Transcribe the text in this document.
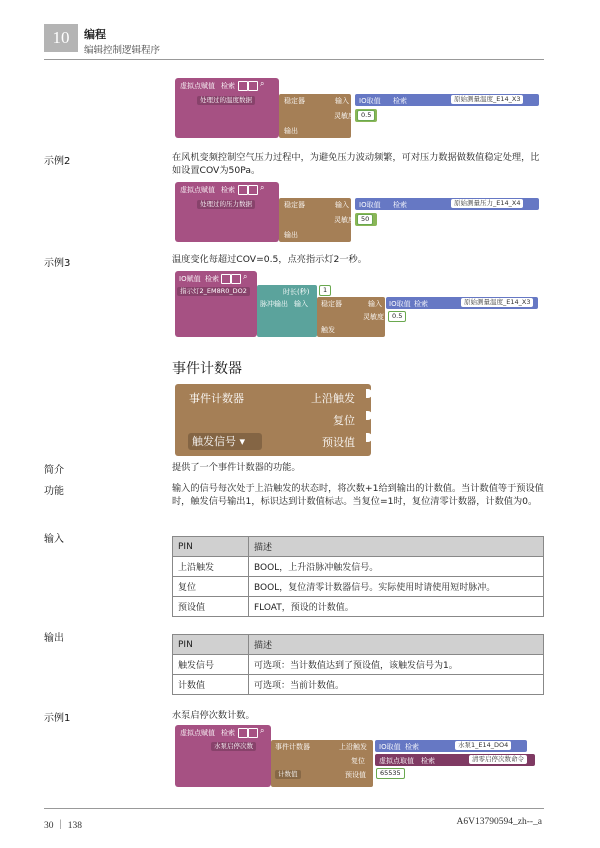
10	编程
编辑控制逻辑程序
虚拟点赋值 检索	⌕
处理过的温度数据	稳定器	输入
灵敏度
输出
IO取值 检索	原始测量温度_E14_X3
0.5
示例2	在风机变频控制空气压力过程中，为避免压力波动频繁，可对压力数据做数值稳定处理，比如设置COV为50Pa。
虚拟点赋值 检索	⌕
处理过的压力数据	稳定器	输入
灵敏度
输出
IO取值 检索	原始测量压力_E14_X4
50
示例3	温度变化每超过COV=0.5，点亮指示灯2一秒。
IO赋值 检索	⌕
指示灯2_EM8R0_DO2	时长(秒)
脉冲输出 输入
1
稳定器	输入
灵敏度
触发
IO取值 检索	原始测量温度_E14_X3
0.5
事件计数器
事件计数器	上沿触发
复位
预设值
触发信号 ▾
简介	提供了一个事件计数器的功能。
功能	输入的信号每次处于上沿触发的状态时，将次数+1给到输出的计数值。当计数值等于预设值时，触发信号输出1，标识达到计数值标志。当复位=1时，复位清零计数器，计数值为0。
输入
PIN	描述
上沿触发	BOOL，上升沿脉冲触发信号。
复位	BOOL，复位清零计数器信号。实际使用时请使用短时脉冲。
预设值	FLOAT，预设的计数值。
输出
PIN	描述
触发信号	可选项：当计数值达到了预设值，该触发信号为1。
计数值	可选项：当前计数值。
示例1	水泵启停次数计数。
虚拟点赋值 检索	⌕
水泵启停次数	事件计数器	上沿触发
复位
预设值
计数值
IO取值 检索	水泵1_E14_DO4
虚拟点取值 检索	清零启停次数命令
65535
30 ｜ 138	A6V13790594_zh--_a
